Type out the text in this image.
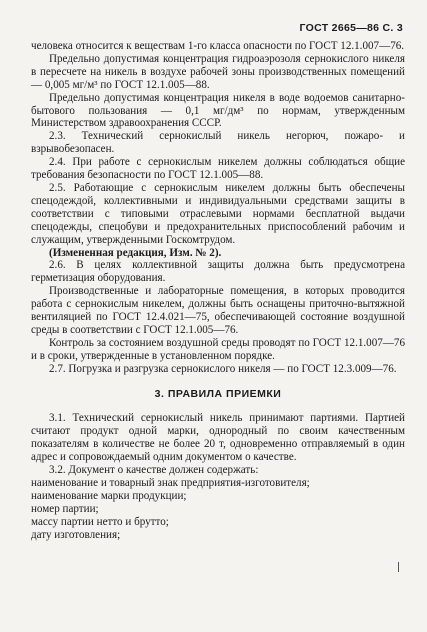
ГОСТ 2665—86 С. 3

человека относится к веществам 1-го класса опасности по ГОСТ 12.1.007—76.

Предельно допустимая концентрация гидроаэрозоля сернокислого никеля в пересчете на никель в воздухе рабочей зоны производственных помещений — 0,005 мг/м³ по ГОСТ 12.1.005—88.

Предельно допустимая концентрация никеля в воде водоемов санитарно-бытового пользования — 0,1 мг/дм³ по нормам, утвержденным Министерством здравоохранения СССР.

2.3. Технический сернокислый никель негорюч, пожаро- и взрывобезопасен.

2.4. При работе с сернокислым никелем должны соблюдаться общие требования безопасности по ГОСТ 12.1.005—88.

2.5. Работающие с сернокислым никелем должны быть обеспечены спецодеждой, коллективными и индивидуальными средствами защиты в соответствии с типовыми отраслевыми нормами бесплатной выдачи спецодежды, спецобуви и предохранительных приспособлений рабочим и служащим, утвержденными Госкомтрудом.

(Измененная редакция, Изм. № 2).

2.6. В целях коллективной защиты должна быть предусмотрена герметизация оборудования.

Производственные и лабораторные помещения, в которых проводится работа с сернокислым никелем, должны быть оснащены приточно-вытяжной вентиляцией по ГОСТ 12.4.021—75, обеспечивающей состояние воздушной среды в соответствии с ГОСТ 12.1.005—76.

Контроль за состоянием воздушной среды проводят по ГОСТ 12.1.007—76 и в сроки, утвержденные в установленном порядке.

2.7. Погрузка и разгрузка сернокислого никеля — по ГОСТ 12.3.009—76.

3. ПРАВИЛА ПРИЕМКИ

3.1. Технический сернокислый никель принимают партиями. Партией считают продукт одной марки, однородный по своим качественным показателям в количестве не более 20 т, одновременно отправляемый в один адрес и сопровождаемый одним документом о качестве.

3.2. Документ о качестве должен содержать:

наименование и товарный знак предприятия-изготовителя;

наименование марки продукции;

номер партии;

массу партии нетто и брутто;

дату изготовления;
